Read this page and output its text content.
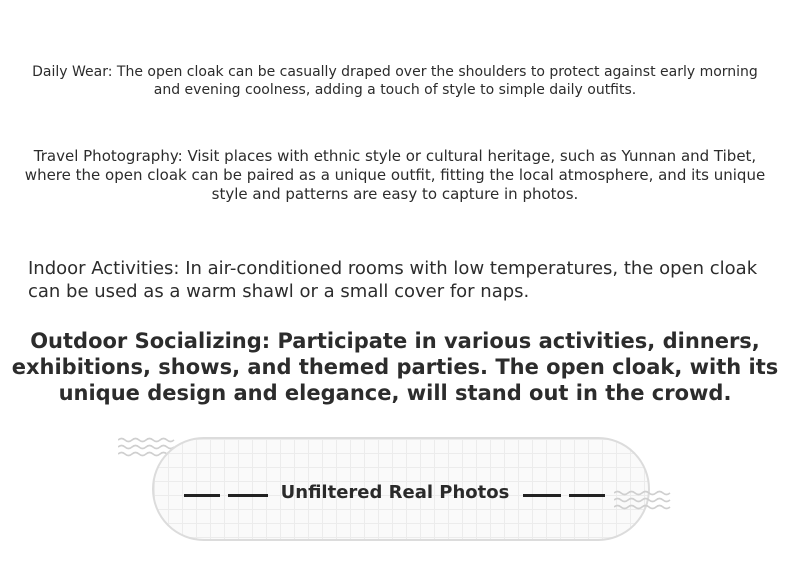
Daily Wear: The open cloak can be casually draped over the shoulders to protect against early morning and evening coolness, adding a touch of style to simple daily outfits.

Travel Photography: Visit places with ethnic style or cultural heritage, such as Yunnan and Tibet, where the open cloak can be paired as a unique outfit, fitting the local atmosphere, and its unique style and patterns are easy to capture in photos.

Indoor Activities: In air-conditioned rooms with low temperatures, the open cloak can be used as a warm shawl or a small cover for naps.

Outdoor Socializing: Participate in various activities, dinners, exhibitions, shows, and themed parties. The open cloak, with its unique design and elegance, will stand out in the crowd.

Unfiltered Real Photos
